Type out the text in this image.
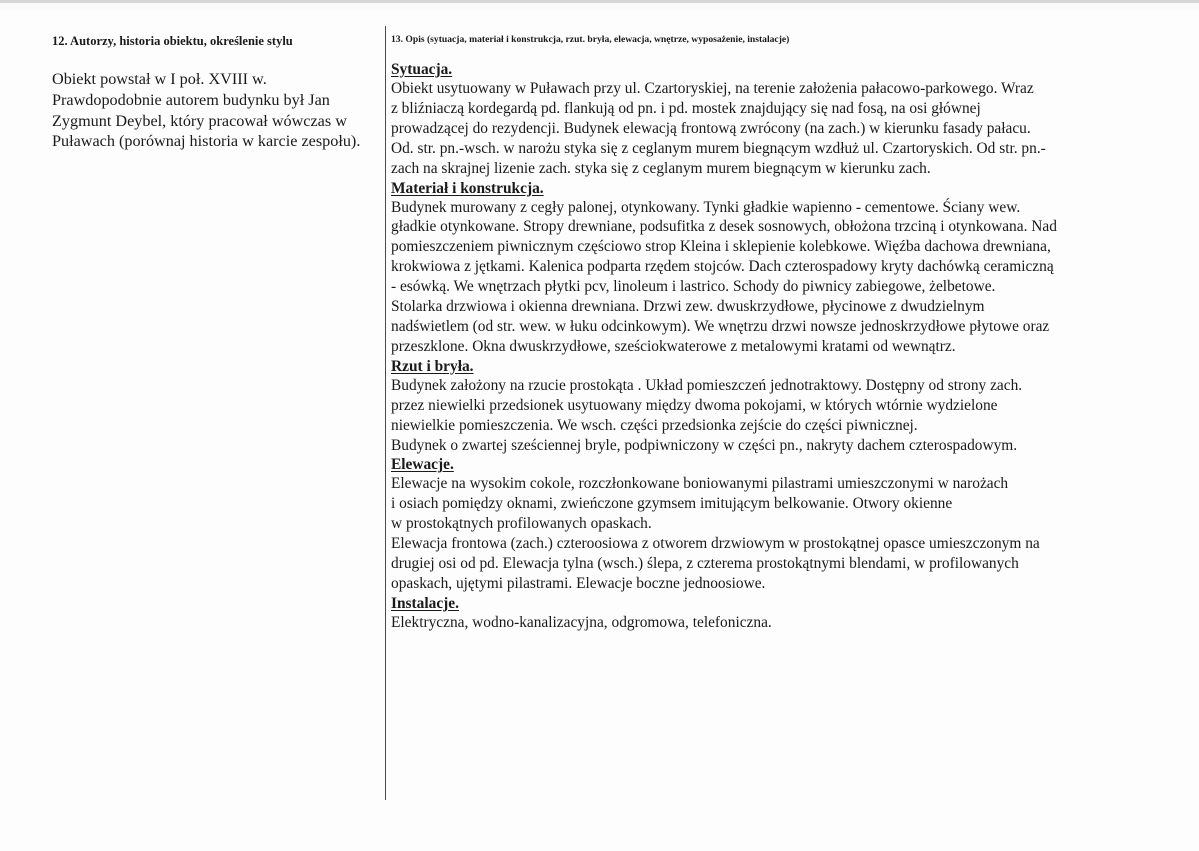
12. Autorzy, historia obiektu, określenie stylu

Obiekt powstał w I poł. XVIII w. Prawdopodobnie autorem budynku był Jan Zygmunt Deybel, który pracował wówczas w Puławach (porównaj historia w karcie zespołu).

13. Opis (sytuacja, materiał i konstrukcja, rzut. bryła, elewacja, wnętrze, wyposażenie, instalacje)

Sytuacja.

Obiekt usytuowany w Puławach przy ul. Czartoryskiej, na terenie założenia pałacowo-parkowego. Wraz

z bliźniaczą kordegardą pd. flankują od pn. i pd. mostek znajdujący się nad fosą, na osi głównej

prowadzącej do rezydencji. Budynek elewacją frontową zwrócony (na zach.) w kierunku fasady pałacu.

Od. str. pn.-wsch. w narożu styka się z ceglanym murem biegnącym wzdłuż ul. Czartoryskich. Od str. pn.-

zach na skrajnej lizenie zach. styka się z ceglanym murem biegnącym w kierunku zach.

Materiał i konstrukcja.

Budynek murowany z cegły palonej, otynkowany. Tynki gładkie wapienno - cementowe. Ściany wew.

gładkie otynkowane. Stropy drewniane, podsufitka z desek sosnowych, obłożona trzciną i otynkowana. Nad

pomieszczeniem piwnicznym częściowo strop Kleina i sklepienie kolebkowe. Więźba dachowa drewniana,

krokwiowa z jętkami. Kalenica podparta rzędem stojców. Dach czterospadowy kryty dachówką ceramiczną

- esówką. We wnętrzach płytki pcv, linoleum i lastrico. Schody do piwnicy zabiegowe, żelbetowe.

Stolarka drzwiowa i okienna drewniana. Drzwi zew. dwuskrzydłowe, płycinowe z dwudzielnym

nadświetlem (od str. wew. w łuku odcinkowym). We wnętrzu drzwi nowsze jednoskrzydłowe płytowe oraz

przeszklone. Okna dwuskrzydłowe, sześciokwaterowe z metalowymi kratami od wewnątrz.

Rzut i bryła.

Budynek założony na rzucie prostokąta . Układ pomieszczeń jednotraktowy. Dostępny od strony zach.

przez niewielki przedsionek usytuowany między dwoma pokojami, w których wtórnie wydzielone

niewielkie pomieszczenia. We wsch. części przedsionka zejście do części piwnicznej.

Budynek o zwartej sześciennej bryle, podpiwniczony w części pn., nakryty dachem czterospadowym.

Elewacje.

Elewacje na wysokim cokole, rozczłonkowane boniowanymi pilastrami umieszczonymi w narożach

i osiach pomiędzy oknami, zwieńczone gzymsem imitującym belkowanie. Otwory okienne

w prostokątnych profilowanych opaskach.

Elewacja frontowa (zach.) czteroosiowa z otworem drzwiowym w prostokątnej opasce umieszczonym na

drugiej osi od pd. Elewacja tylna (wsch.) ślepa, z czterema prostokątnymi blendami, w profilowanych

opaskach, ujętymi pilastrami. Elewacje boczne jednoosiowe.

Instalacje.

Elektryczna, wodno-kanalizacyjna, odgromowa, telefoniczna.
